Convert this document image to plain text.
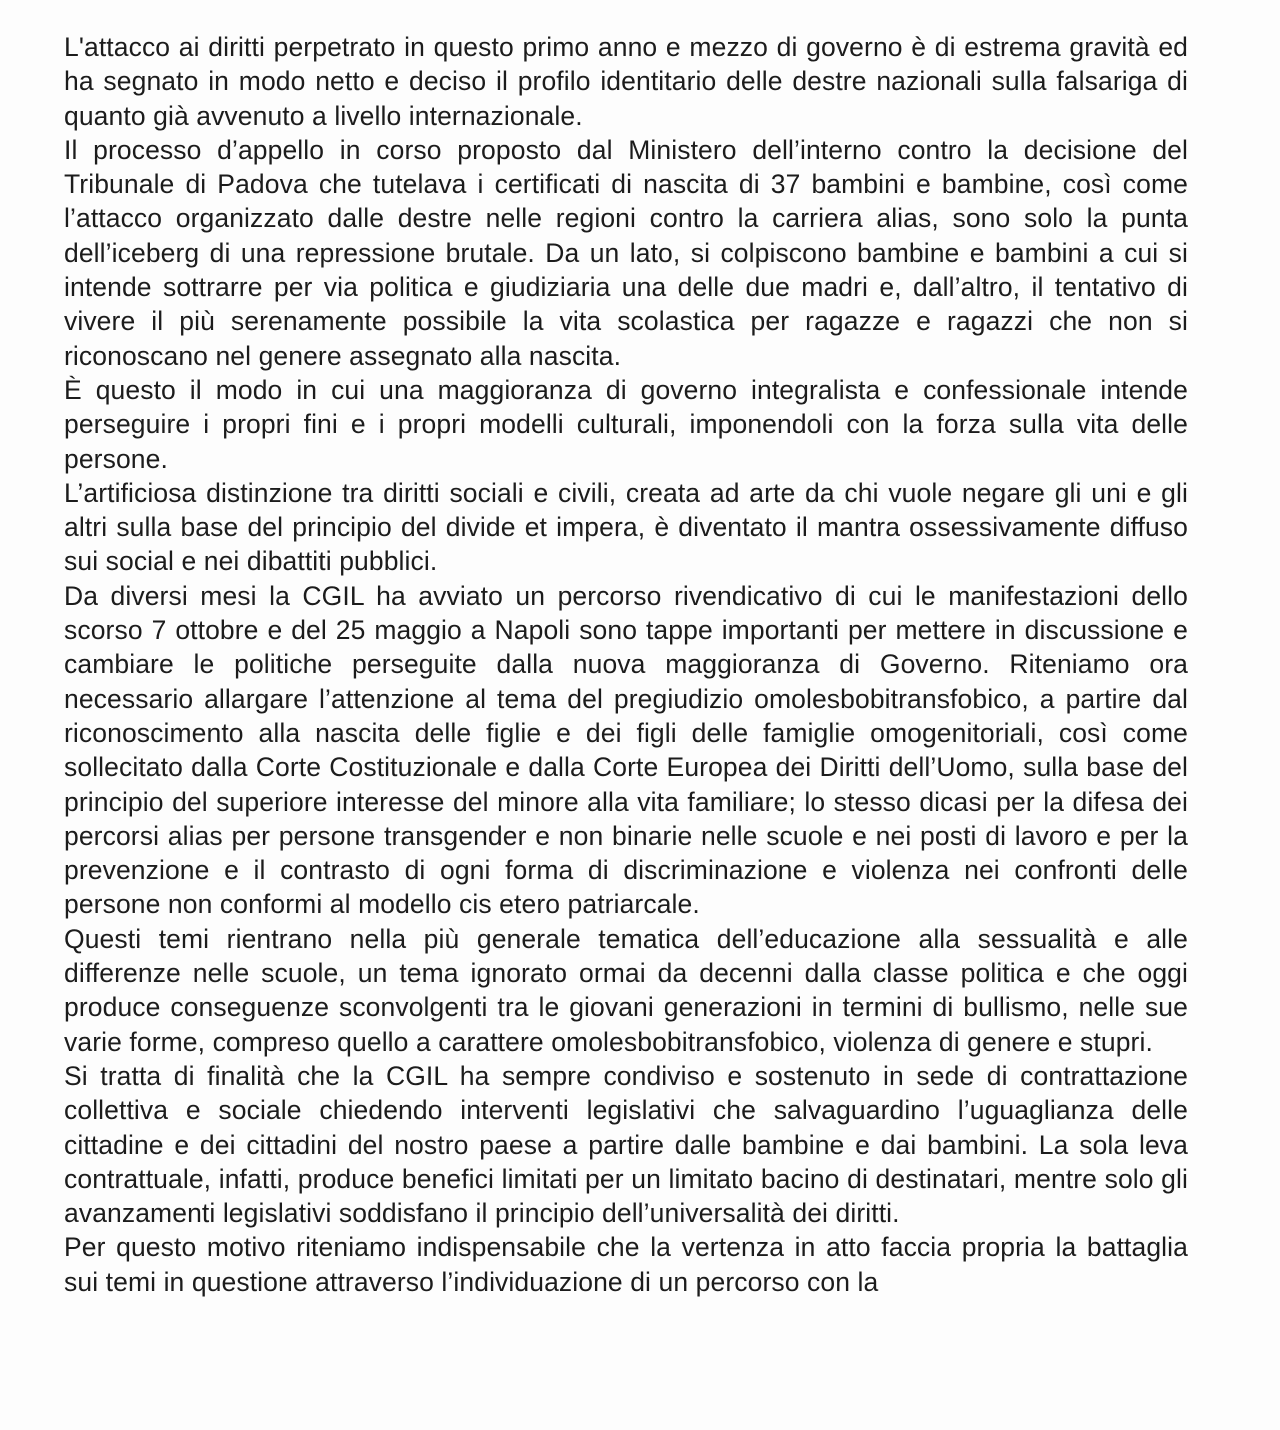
L'attacco ai diritti perpetrato in questo primo anno e mezzo di governo è di estrema gravità ed ha segnato in modo netto e deciso il profilo identitario delle destre nazionali sulla falsariga di quanto già avvenuto a livello internazionale.

Il processo d’appello in corso proposto dal Ministero dell’interno contro la decisione del Tribunale di Padova che tutelava i certificati di nascita di 37 bambini e bambine, così come l’attacco organizzato dalle destre nelle regioni contro la carriera alias, sono solo la punta dell’iceberg di una repressione brutale. Da un lato, si colpiscono bambine e bambini a cui si intende sottrarre per via politica e giudiziaria una delle due madri e, dall’altro, il tentativo di vivere il più serenamente possibile la vita scolastica per ragazze e ragazzi che non si riconoscano nel genere assegnato alla nascita.

È questo il modo in cui una maggioranza di governo integralista e confessionale intende perseguire i propri fini e i propri modelli culturali, imponendoli con la forza sulla vita delle persone.

L’artificiosa distinzione tra diritti sociali e civili, creata ad arte da chi vuole negare gli uni e gli altri sulla base del principio del divide et impera, è diventato il mantra ossessivamente diffuso sui social e nei dibattiti pubblici.

Da diversi mesi la CGIL ha avviato un percorso rivendicativo di cui le manifestazioni dello scorso 7 ottobre e del 25 maggio a Napoli sono tappe importanti per mettere in discussione e cambiare le politiche perseguite dalla nuova maggioranza di Governo. Riteniamo ora necessario allargare l’attenzione al tema del pregiudizio omolesbobitransfobico, a partire dal riconoscimento alla nascita delle figlie e dei figli delle famiglie omogenitoriali, così come sollecitato dalla Corte Costituzionale e dalla Corte Europea dei Diritti dell’Uomo, sulla base del principio del superiore interesse del minore alla vita familiare; lo stesso dicasi per la difesa dei percorsi alias per persone transgender e non binarie nelle scuole e nei posti di lavoro e per la prevenzione e il contrasto di ogni forma di discriminazione e violenza nei confronti delle persone non conformi al modello cis etero patriarcale.

Questi temi rientrano nella più generale tematica dell’educazione alla sessualità e alle differenze nelle scuole, un tema ignorato ormai da decenni dalla classe politica e che oggi produce conseguenze sconvolgenti tra le giovani generazioni in termini di bullismo, nelle sue varie forme, compreso quello a carattere omolesbobitransfobico, violenza di genere e stupri.

Si tratta di finalità che la CGIL ha sempre condiviso e sostenuto in sede di contrattazione collettiva e sociale chiedendo interventi legislativi che salvaguardino l’uguaglianza delle cittadine e dei cittadini del nostro paese a partire dalle bambine e dai bambini. La sola leva contrattuale, infatti, produce benefici limitati per un limitato bacino di destinatari, mentre solo gli avanzamenti legislativi soddisfano il principio dell’universalità dei diritti.

Per questo motivo riteniamo indispensabile che la vertenza in atto faccia propria la battaglia sui temi in questione attraverso l’individuazione di un percorso con la
